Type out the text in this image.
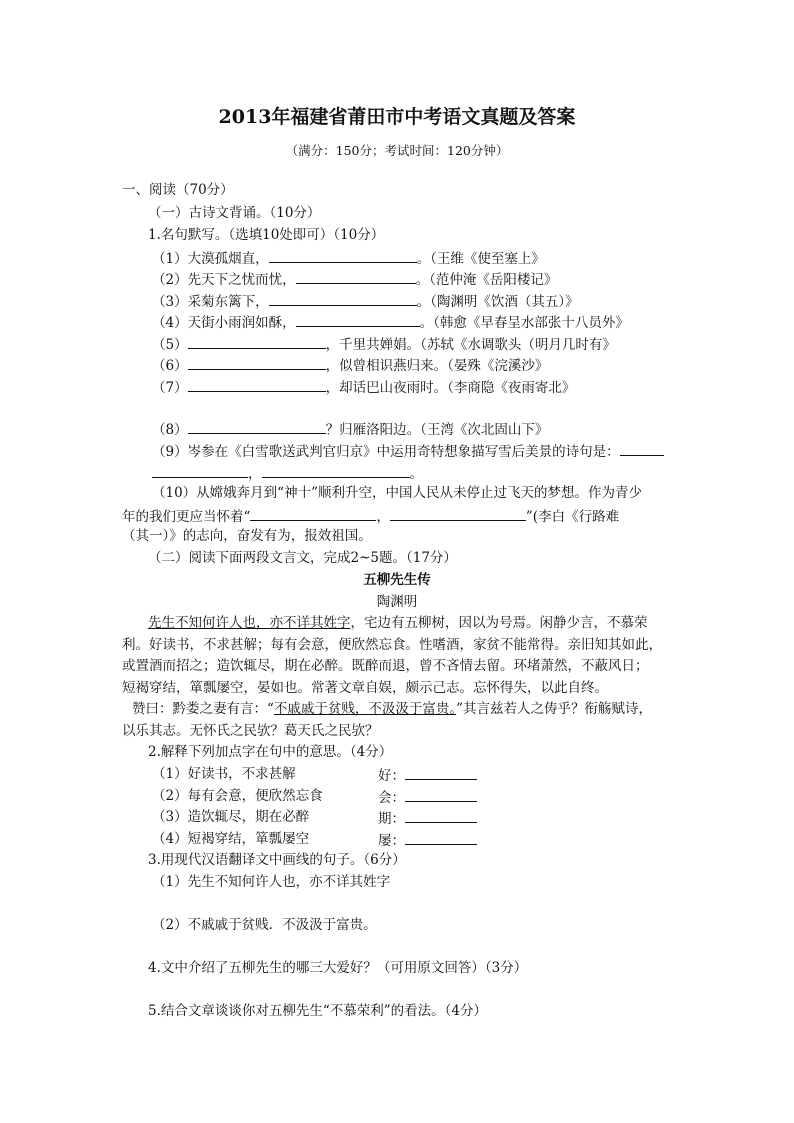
2013年福建省莆田市中考语文真题及答案
（满分：150分；考试时间：120分钟）
一、阅读（70分）
（一）古诗文背诵。（10分）
1.名句默写。（选填10处即可）（10分）
（1）大漠孤烟直，	。（王维《使至塞上》
（2）先天下之忧而忧，	。（范仲淹《岳阳楼记》
（3）采菊东篱下，	。（陶渊明《饮酒（其五）》
（4）天街小雨润如酥，	。（韩愈《早春呈水部张十八员外》
（5）	，千里共婵娟。（苏轼《水调歌头（明月几时有》
（6）	，似曾相识燕归来。（晏殊《浣溪沙》
（7）	，却话巴山夜雨时。（李商隐《夜雨寄北》
（8）	？归雁洛阳边。（王湾《次北固山下》
（9）岑参在《白雪歌送武判官归京》中运用奇特想象描写雪后美景的诗句是：
，	。
（10）从嫦娥奔月到“神十”顺利升空，中国人民从未停止过飞天的梦想。作为青少
年的我们更应当怀着“	，	”(李白《行路难
（其一）》的志向，奋发有为，报效祖国。
（二）阅读下面两段文言文，完成2~5题。（17分）
五柳先生传
陶渊明
先生不知何许人也，亦不详其姓字，宅边有五柳树，因以为号焉。闲静少言，不慕荣
利。好读书，不求甚解；每有会意，便欣然忘食。性嗜酒，家贫不能常得。亲旧知其如此，
或置酒而招之；造饮辄尽，期在必醉。既醉而退，曾不吝情去留。环堵萧然，不蔽风日；
短褐穿结，箪瓢屡空，晏如也。常著文章自娱，颇示己志。忘怀得失，以此自终。
赞曰：黔娄之妻有言：“不戚戚于贫贱，不汲汲于富贵。”其言兹若人之俦乎？衔觞赋诗，
以乐其志。无怀氏之民欤？葛天氏之民欤？
2.解释下列加点字在句中的意思。（4分）
（1）好读书，不求甚解	好：
（2）每有会意，便欣然忘食	会：
（3）造饮辄尽，期在必醉	期：
（4）短褐穿结，箪瓢屡空	屡：
3.用现代汉语翻译文中画线的句子。（6分）
（1）先生不知何许人也，亦不详其姓字
（2）不戚戚于贫贱．不汲汲于富贵。
4.文中介绍了五柳先生的哪三大爱好？（可用原文回答）（3分）
5.结合文章谈谈你对五柳先生“不慕荣利”的看法。（4分）
